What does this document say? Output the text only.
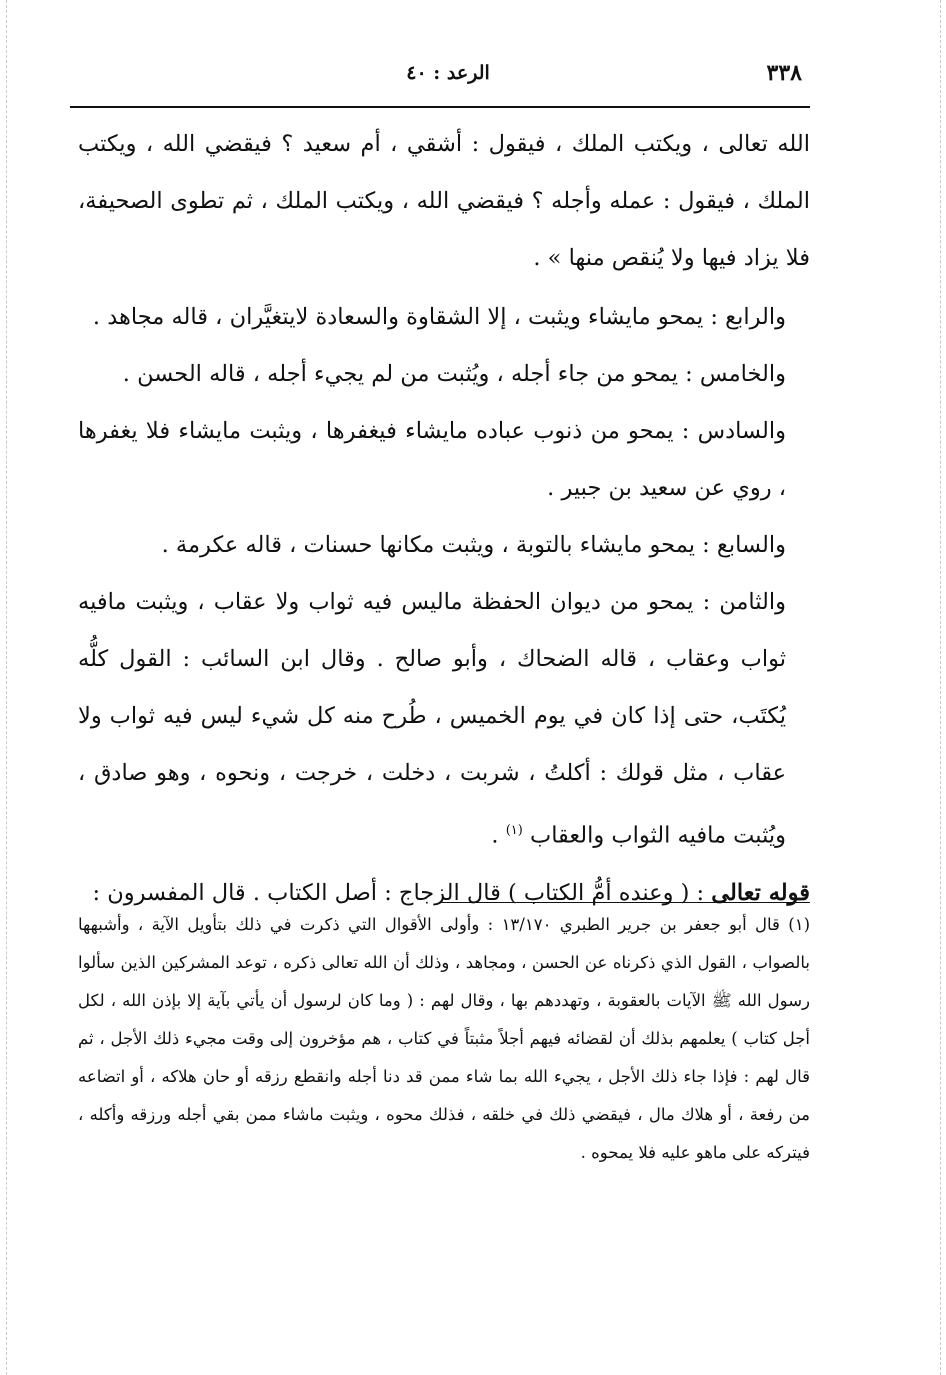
الرعد : ٤٠	٣٣٨

الله تعالى ، ويكتب الملك ، فيقول : أشقي ، أم سعيد ؟ فيقضي الله ، ويكتب الملك ، فيقول : عمله وأجله ؟ فيقضي الله ، ويكتب الملك ، ثم تطوى الصحيفة، فلا يزاد فيها ولا يُنقص منها » .

والرابع : يمحو مايشاء ويثبت ، إلا الشقاوة والسعادة لايتغيَّران ، قاله مجاهد .

والخامس : يمحو من جاء أجله ، ويُثبت من لم يجيء أجله ، قاله الحسن .

والسادس : يمحو من ذنوب عباده مايشاء فيغفرها ، ويثبت مايشاء فلا يغفرها ، روي عن سعيد بن جبير .

والسابع : يمحو مايشاء بالتوبة ، ويثبت مكانها حسنات ، قاله عكرمة .

والثامن : يمحو من ديوان الحفظة ماليس فيه ثواب ولا عقاب ، ويثبت مافيه ثواب وعقاب ، قاله الضحاك ، وأبو صالح . وقال ابن السائب : القول كلُّه يُكتَب، حتى إذا كان في يوم الخميس ، طُرح منه كل شيء ليس فيه ثواب ولا عقاب ، مثل قولك : أكلتُ ، شربت ، دخلت ، خرجت ، ونحوه ، وهو صادق ، ويُثبت مافيه الثواب والعقاب $^{(١)}$ .

قوله تعالى : ( وعنده أمُّ الكتاب ) قال الزجاج : أصل الكتاب . قال المفسرون :

(١) قال أبو جعفر بن جرير الطبري ١٣/١٧٠ : وأولى الأقوال التي ذكرت في ذلك بتأويل الآية ، وأشبهها بالصواب ، القول الذي ذكرناه عن الحسن ، ومجاهد ، وذلك أن الله تعالى ذكره ، توعد المشركين الذين سألوا رسول الله ﷺ الآيات بالعقوبة ، وتهددهم بها ، وقال لهم : ( وما كان لرسول أن يأتي بآية إلا بإذن الله ، لكل أجل كتاب ) يعلمهم بذلك أن لقضائه فيهم أجلاً مثبتاً في كتاب ، هم مؤخرون إلى وقت مجيء ذلك الأجل ، ثم قال لهم : فإذا جاء ذلك الأجل ، يجيء الله بما شاء ممن قد دنا أجله وانقطع رزقه أو حان هلاكه ، أو اتضاعه من رفعة ، أو هلاك مال ، فيقضي ذلك في خلقه ، فذلك محوه ، ويثبت ماشاء ممن بقي أجله ورزقه وأكله ، فيتركه على ماهو عليه فلا يمحوه .
